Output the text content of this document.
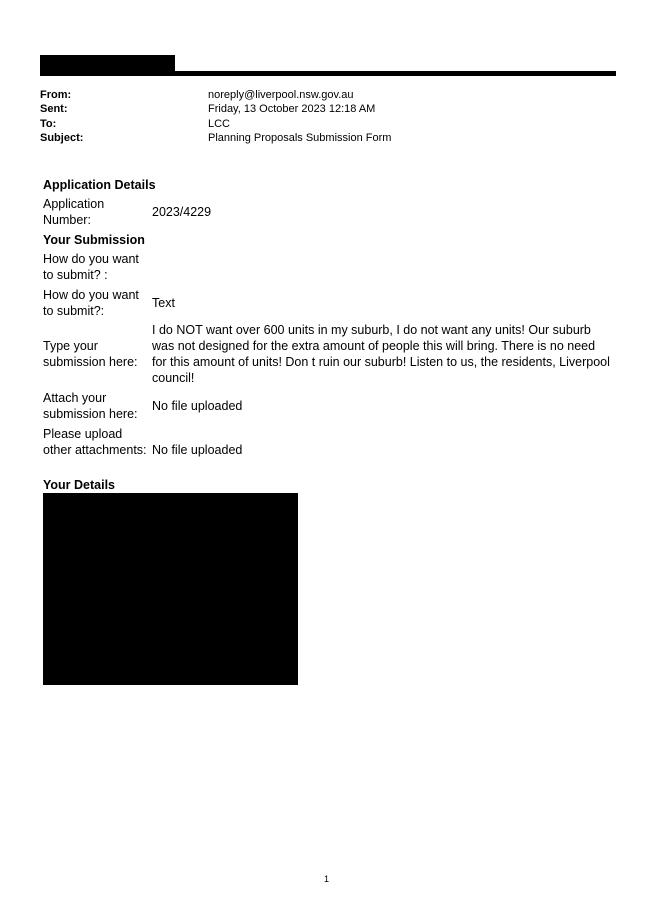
From:	noreply@liverpool.nsw.gov.au
Sent:	Friday, 13 October 2023 12:18 AM
To:	LCC
Subject:	Planning Proposals Submission Form
Application Details
Application Number:
2023/4229
Your Submission
How do you want to submit? :
How do you want to submit?:
Text
Type your submission here:
I do NOT want over 600 units in my suburb, I do not want any units! Our suburb was not designed for the extra amount of people this will bring. There is no need for this amount of units! Don t ruin our suburb! Listen to us, the residents, Liverpool council!
Attach your submission here:
No file uploaded
Please upload other attachments: No file uploaded
Your Details
1
